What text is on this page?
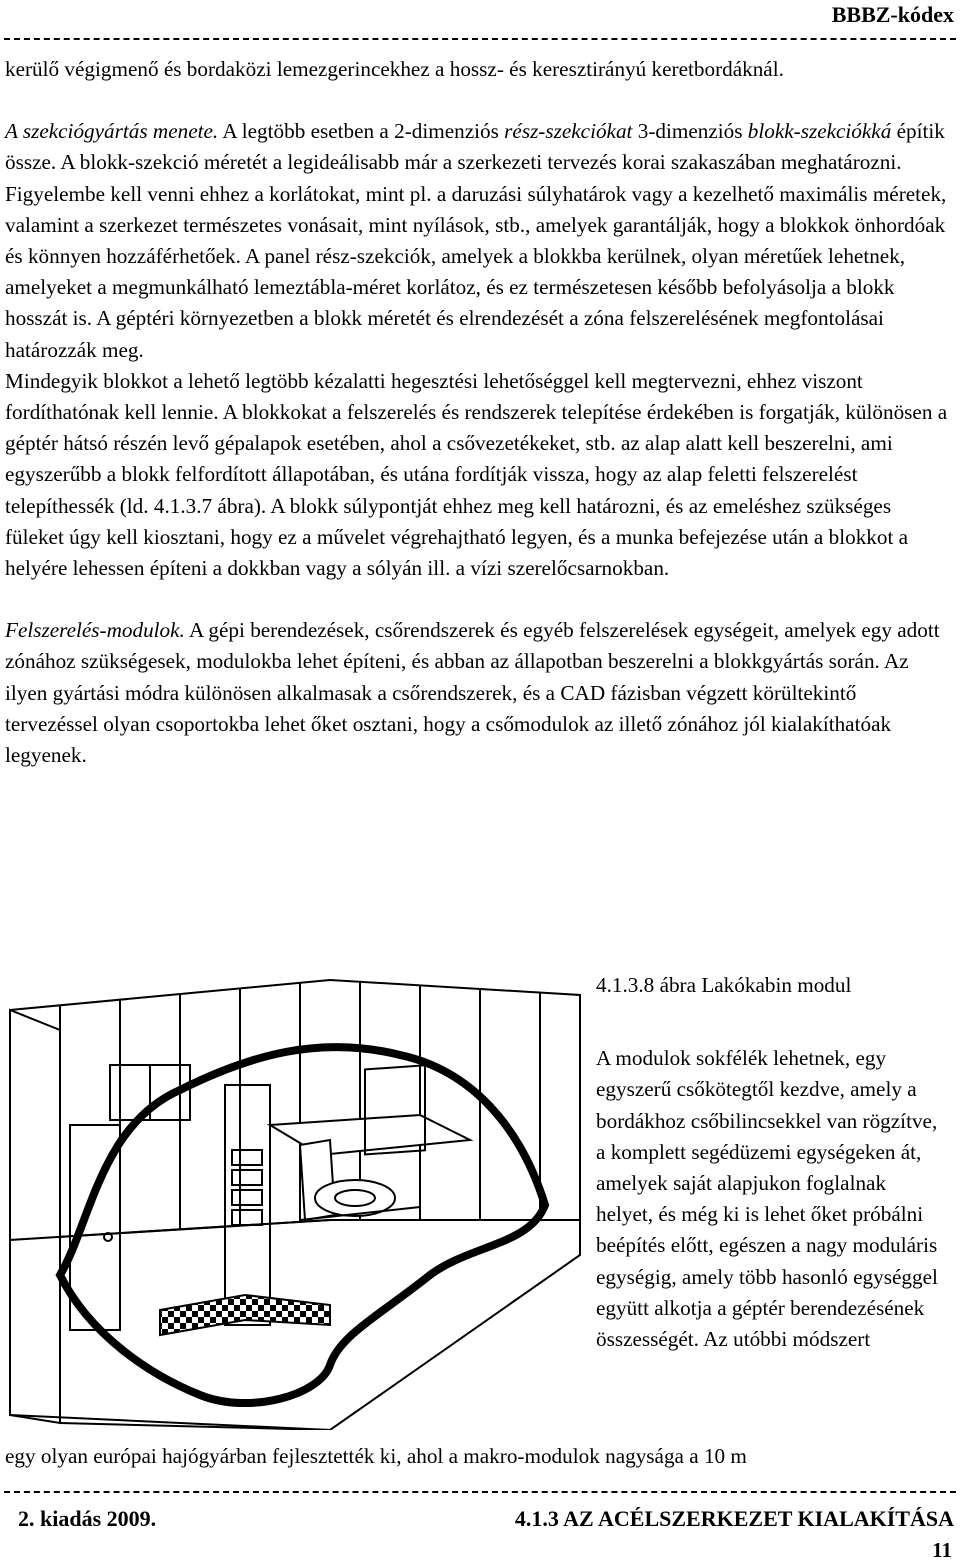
BBBZ-kódex

kerülő végigmenő és bordaközi lemezgerincekhez a hossz- és keresztirányú keretbordáknál.

A szekciógyártás menete. A legtöbb esetben a 2-dimenziós rész-szekciókat 3-dimenziós blokk-szekciókká építik össze. A blokk-szekció méretét a legideálisabb már a szerkezeti tervezés korai szakaszában meghatározni. Figyelembe kell venni ehhez a korlátokat, mint pl. a daruzási súlyhatárok vagy a kezelhető maximális méretek, valamint a szerkezet természetes vonásait, mint nyílások, stb., amelyek garantálják, hogy a blokkok önhordóak és könnyen hozzáférhetőek. A panel rész-szekciók, amelyek a blokkba kerülnek, olyan méretűek lehetnek, amelyeket a megmunkálható lemeztábla-méret korlátoz, és ez természetesen később befolyásolja a blokk hosszát is. A géptéri környezetben a blokk méretét és elrendezését a zóna felszerelésének megfontolásai határozzák meg.

Mindegyik blokkot a lehető legtöbb kézalatti hegesztési lehetőséggel kell megtervezni, ehhez viszont fordíthatónak kell lennie. A blokkokat a felszerelés és rendszerek telepítése érdekében is forgatják, különösen a géptér hátsó részén levő gépalapok esetében, ahol a csővezetékeket, stb. az alap alatt kell beszerelni, ami egyszerűbb a blokk felfordított állapotában, és utána fordítják vissza, hogy az alap feletti felszerelést telepíthessék (ld. 4.1.3.7 ábra). A blokk súlypontját ehhez meg kell határozni, és az emeléshez szükséges füleket úgy kell kiosztani, hogy ez a művelet végrehajtható legyen, és a munka befejezése után a blokkot a helyére lehessen építeni a dokkban vagy a sólyán ill. a vízi szerelőcsarnokban.

Felszerelés-modulok. A gépi berendezések, csőrendszerek és egyéb felszerelések egységeit, amelyek egy adott zónához szükségesek, modulokba lehet építeni, és abban az állapotban beszerelni a blokkgyártás során. Az ilyen gyártási módra különösen alkalmasak a csőrendszerek, és a CAD fázisban végzett körültekintő tervezéssel olyan csoportokba lehet őket osztani, hogy a csőmodulok az illető zónához jól kialakíthatóak legyenek.

4.1.3.8 ábra Lakókabin modul

A modulok sokfélék lehetnek, egy egyszerű csőkötegtől kezdve, amely a bordákhoz csőbilincsekkel van rögzítve, a komplett segédüzemi egységeken át, amelyek saját alapjukon foglalnak helyet, és még ki is lehet őket próbálni beépítés előtt, egészen a nagy moduláris egységig, amely több hasonló egységgel együtt alkotja a géptér berendezésének összességét. Az utóbbi módszert

egy olyan európai hajógyárban fejlesztették ki, ahol a makro-modulok nagysága a 10 m
2. kiadás 2009.	4.1.3 AZ ACÉLSZERKEZET KIALAKÍTÁSA
11
